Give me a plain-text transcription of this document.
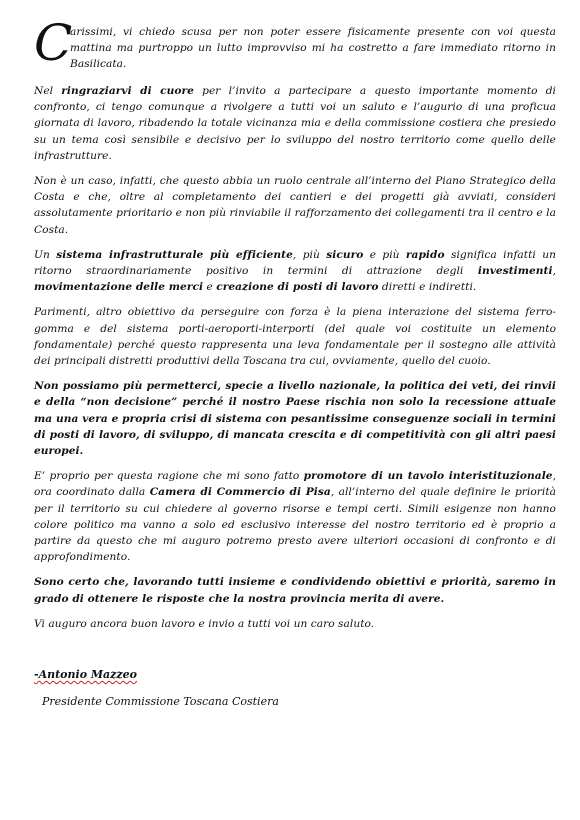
C
arissimi, vi chiedo scusa per non poter essere fisicamente presente con voi questa mattina ma purtroppo un lutto improvviso mi ha costretto a fare immediato ritorno in Basilicata.

Nel ringraziarvi di cuore per l’invito a partecipare a questo importante momento di confronto, ci tengo comunque a rivolgere a tutti voi un saluto e l’augurio di una proficua giornata di lavoro, ribadendo la totale vicinanza mia e della commissione costiera che presiedo su un tema così sensibile e decisivo per lo sviluppo del nostro territorio come quello delle infrastrutture.

Non è un caso, infatti, che questo abbia un ruolo centrale all’interno del Piano Strategico della Costa e che, oltre al completamento dei cantieri e dei progetti già avviati, consideri assolutamente prioritario e non più rinviabile il rafforzamento dei collegamenti tra il centro e la Costa.

Un sistema infrastrutturale più efficiente, più sicuro e più rapido significa infatti un ritorno straordinariamente positivo in termini di attrazione degli investimenti, movimentazione delle merci e creazione di posti di lavoro diretti e indiretti.

Parimenti, altro obiettivo da perseguire con forza è la piena interazione del sistema ferro-gomma e del sistema porti-aeroporti-interporti (del quale voi costituite un elemento fondamentale) perché questo rappresenta una leva fondamentale per il sostegno alle attività dei principali distretti produttivi della Toscana tra cui, ovviamente, quello del cuoio.

Non possiamo più permetterci, specie a livello nazionale, la politica dei veti, dei rinvii e della “non decisione” perché il nostro Paese rischia non solo la recessione attuale ma una vera e propria crisi di sistema con pesantissime conseguenze sociali in termini di posti di lavoro, di sviluppo, di mancata crescita e di competitività con gli altri paesi europei.

E’ proprio per questa ragione che mi sono fatto promotore di un tavolo interistituzionale, ora coordinato dalla Camera di Commercio di Pisa, all’interno del quale definire le priorità per il territorio su cui chiedere al governo risorse e tempi certi. Simili esigenze non hanno colore politico ma vanno a solo ed esclusivo interesse del nostro territorio ed è proprio a partire da questo che mi auguro potremo presto avere ulteriori occasioni di confronto e di approfondimento.

Sono certo che, lavorando tutti insieme e condividendo obiettivi e priorità, saremo in grado di ottenere le risposte che la nostra provincia merita di avere.

Vi auguro ancora buon lavoro e invio a tutti voi un caro saluto.

-Antonio Mazzeo

Presidente Commissione Toscana Costiera
